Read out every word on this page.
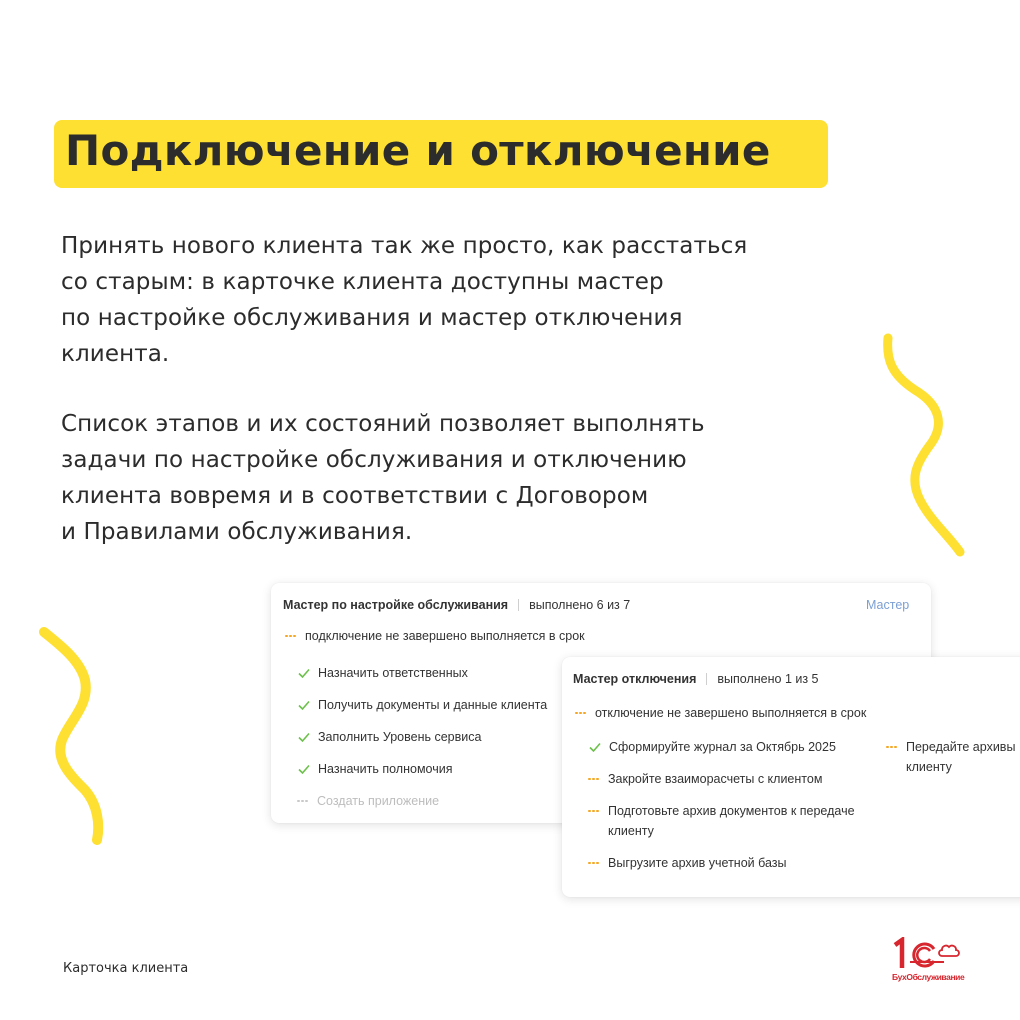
Подключение и отключение
Принять нового клиента так же просто, как расстаться
со старым: в карточке клиента доступны мастер
по настройке обслуживания и мастер отключения
клиента.
Список этапов и их состояний позволяет выполнять
задачи по настройке обслуживания и отключению
клиента вовремя и в соответствии с Договором
и Правилами обслуживания.
Мастер по настройке обслуживания выполнено 6 из 7	Мастер
подключение не завершено выполняется в срок
Назначить ответственных
Получить документы и данные клиента
Заполнить Уровень сервиса
Назначить полномочия
Создать приложение
Мастер отключения выполнено 1 из 5
отключение не завершено выполняется в срок
Сформируйте журнал за Октябрь 2025
Закройте взаиморасчеты с клиентом
Подготовьте архив документов к передаче
клиенту
Выгрузите архив учетной базы
Передайте архивы
клиенту
Карточка клиента
БухОбслуживание
